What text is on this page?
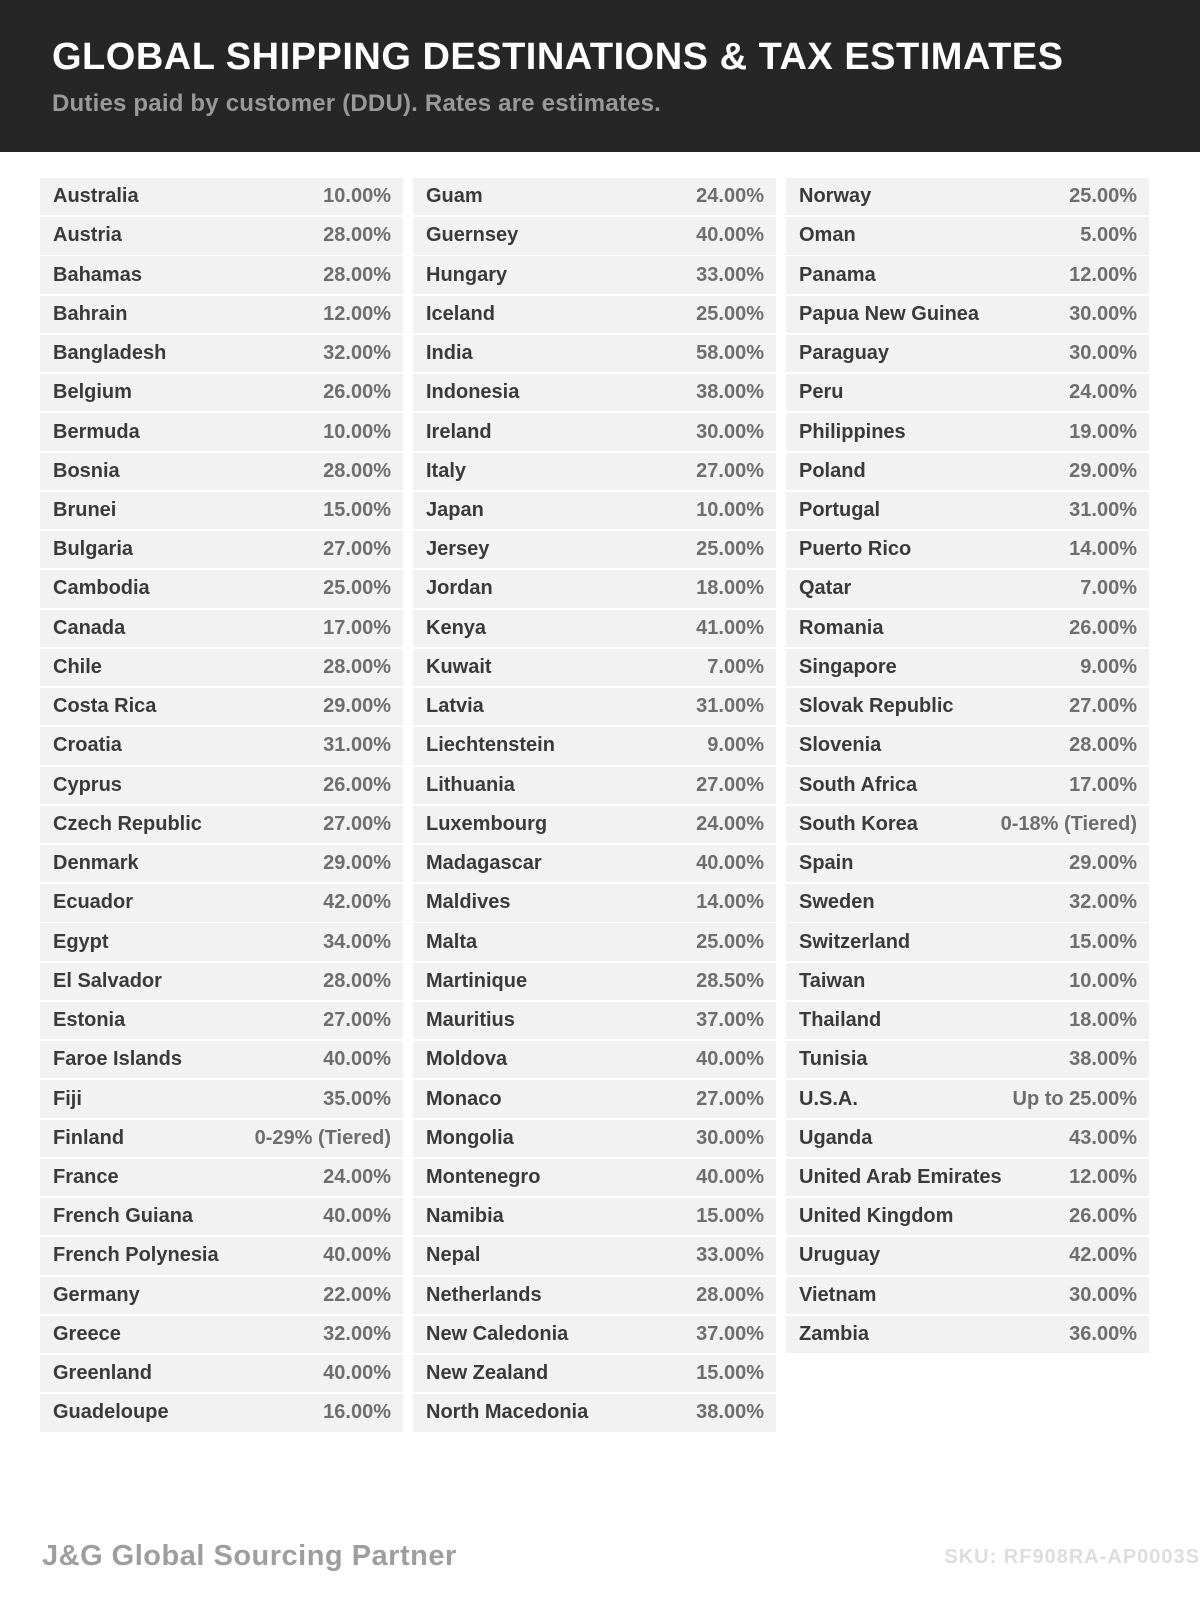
GLOBAL SHIPPING DESTINATIONS & TAX ESTIMATES
Duties paid by customer (DDU). Rates are estimates.
Australia	10.00%
Austria	28.00%
Bahamas	28.00%
Bahrain	12.00%
Bangladesh	32.00%
Belgium	26.00%
Bermuda	10.00%
Bosnia	28.00%
Brunei	15.00%
Bulgaria	27.00%
Cambodia	25.00%
Canada	17.00%
Chile	28.00%
Costa Rica	29.00%
Croatia	31.00%
Cyprus	26.00%
Czech Republic	27.00%
Denmark	29.00%
Ecuador	42.00%
Egypt	34.00%
El Salvador	28.00%
Estonia	27.00%
Faroe Islands	40.00%
Fiji	35.00%
Finland	0-29% (Tiered)
France	24.00%
French Guiana	40.00%
French Polynesia	40.00%
Germany	22.00%
Greece	32.00%
Greenland	40.00%
Guadeloupe	16.00%
Guam	24.00%
Guernsey	40.00%
Hungary	33.00%
Iceland	25.00%
India	58.00%
Indonesia	38.00%
Ireland	30.00%
Italy	27.00%
Japan	10.00%
Jersey	25.00%
Jordan	18.00%
Kenya	41.00%
Kuwait	7.00%
Latvia	31.00%
Liechtenstein	9.00%
Lithuania	27.00%
Luxembourg	24.00%
Madagascar	40.00%
Maldives	14.00%
Malta	25.00%
Martinique	28.50%
Mauritius	37.00%
Moldova	40.00%
Monaco	27.00%
Mongolia	30.00%
Montenegro	40.00%
Namibia	15.00%
Nepal	33.00%
Netherlands	28.00%
New Caledonia	37.00%
New Zealand	15.00%
North Macedonia	38.00%
Norway	25.00%
Oman	5.00%
Panama	12.00%
Papua New Guinea	30.00%
Paraguay	30.00%
Peru	24.00%
Philippines	19.00%
Poland	29.00%
Portugal	31.00%
Puerto Rico	14.00%
Qatar	7.00%
Romania	26.00%
Singapore	9.00%
Slovak Republic	27.00%
Slovenia	28.00%
South Africa	17.00%
South Korea	0-18% (Tiered)
Spain	29.00%
Sweden	32.00%
Switzerland	15.00%
Taiwan	10.00%
Thailand	18.00%
Tunisia	38.00%
U.S.A.	Up to 25.00%
Uganda	43.00%
United Arab Emirates	12.00%
United Kingdom	26.00%
Uruguay	42.00%
Vietnam	30.00%
Zambia	36.00%
J&G Global Sourcing Partner	SKU: RF908RA-AP0003S
